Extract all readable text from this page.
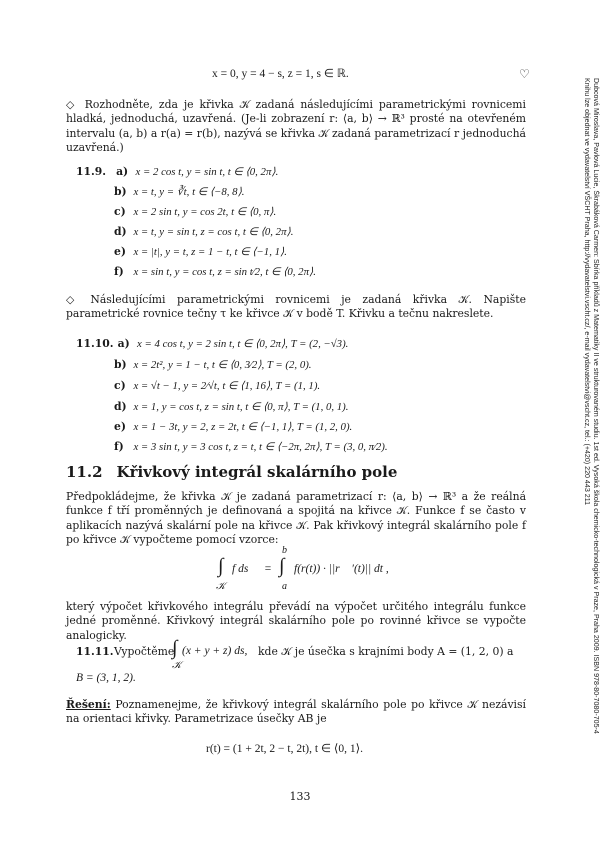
x = 0, y = 4 − s, z = 1, s ∈ ℝ.	♡
◇ Rozhodněte, zda je křivka 𝒦 zadaná následujícími parametrickými rovnicemi hladká, jednoduchá, uzavřená. (Je-li zobrazení r: ⟨a, b⟩ → ℝ³ prosté na otevřeném intervalu (a, b) a r(a) = r(b), nazývá se křivka 𝒦 zadaná parametrizací r jednoduchá uzavřená.)
11.9. a) x = 2 cos t, y = sin t, t ∈ ⟨0, 2π⟩.
b) x = t, y = ∛t, t ∈ ⟨−8, 8⟩.
c) x = 2 sin t, y = cos 2t, t ∈ ⟨0, π⟩.
d) x = t, y = sin t, z = cos t, t ∈ ⟨0, 2π⟩.
e) x = |t|, y = t, z = 1 − t, t ∈ ⟨−1, 1⟩.
f) x = sin t, y = cos t, z = sin t⁄2, t ∈ ⟨0, 2π⟩.
◇ Následujícími parametrickými rovnicemi je zadaná křivka 𝒦. Napište parametrické rovnice tečny τ ke křivce 𝒦 v bodě T. Křivku a tečnu nakreslete.
11.10. a) x = 4 cos t, y = 2 sin t, t ∈ ⟨0, 2π⟩, T = (2, −√3).
b) x = 2t², y = 1 − t, t ∈ ⟨0, 3⁄2⟩, T = (2, 0).
c) x = √t − 1, y = 2⁄√t, t ∈ ⟨1, 16⟩, T = (1, 1).
d) x = 1, y = cos t, z = sin t, t ∈ ⟨0, π⟩, T = (1, 0, 1).
e) x = 1 − 3t, y = 2, z = 2t, t ∈ ⟨−1, 1⟩, T = (1, 2, 0).
f) x = 3 sin t, y = 3 cos t, z = t, t ∈ ⟨−2π, 2π⟩, T = (3, 0, π⁄2).
11.2 Křivkový integrál skalárního pole
Předpokládejme, že křivka 𝒦 je zadaná parametrizací r: ⟨a, b⟩ → ℝ³ a že reálná funkce f tří proměnných je definovaná a spojitá na křivce 𝒦. Funkce f se často v aplikacích nazývá skalární pole na křivce 𝒦. Pak křivkový integrál skalárního pole f po křivce 𝒦 vypočteme pomocí vzorce:
∫ f ds
𝒦
=
b
∫
a
f(r(t)) · ||r⃗ ′(t)|| dt ,
který výpočet křivkového integrálu převádí na výpočet určitého integrálu funkce jedné proměnné. Křivkový integrál skalárního pole po rovinné křivce se vypočte analogicky.
11.11. Vypočtěme
∫ (x + y + z) ds,
𝒦
kde 𝒦 je úsečka s krajními body A = (1, 2, 0) a
B = (3, 1, 2).
Řešení: Poznamenejme, že křivkový integrál skalárního pole po křivce 𝒦 nezávisí na orientaci křivky. Parametrizace úsečky AB je
r(t) = (1 + 2t, 2 − t, 2t), t ∈ ⟨0, 1⟩.
133
Dubcová Miroslava, Pavlová Lucie, Škrabáková Carmen: Sbírka příkladů z Matematiky II ve strukturovaném studiu. 1st ed. Vysoká škola chemicko-technologická v Praze, Praha 2009. ISBN 978-80-7080-705-4
Knihu lze objednat ve vydavatelství VŠCHT Praha, http://vydavatelstvi.vscht.cz/, e-mail vydavatelstvi@vscht.cz, tel.: (+420) 220 443 211
